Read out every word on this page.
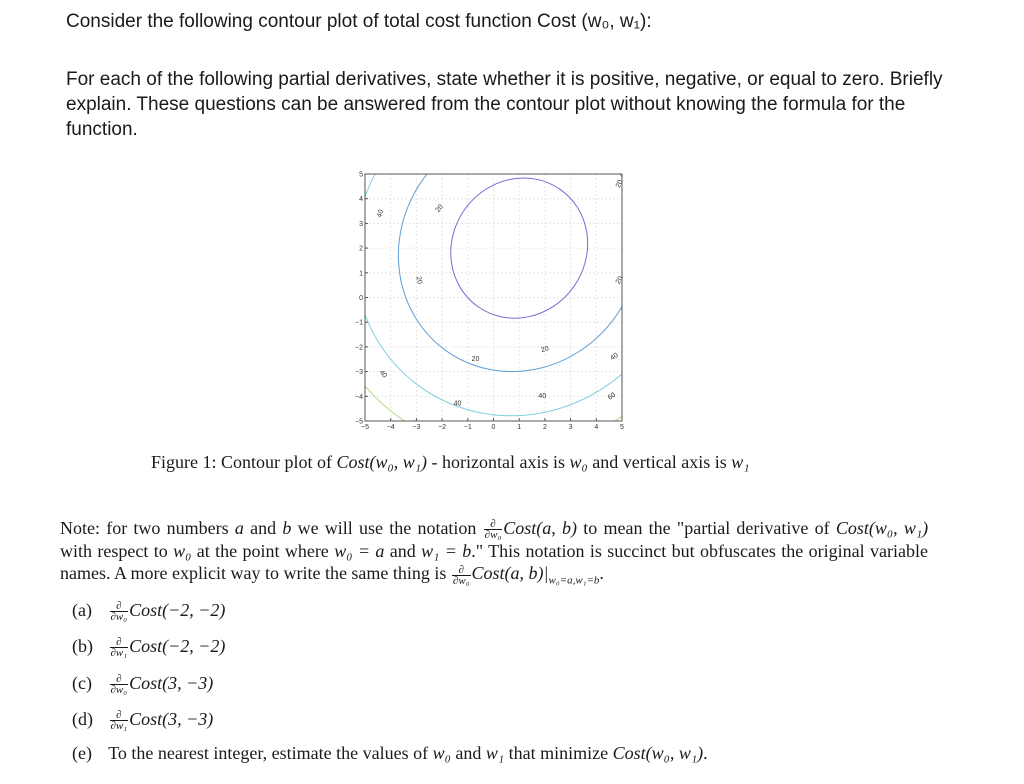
Consider the following contour plot of total cost function Cost (w₀, w₁):
For each of the following partial derivatives, state whether it is positive, negative, or equal to zero. Briefly explain. These questions can be answered from the contour plot without knowing the formula for the function.
20
20
20
20
20
20
40
40
40
40
40
60
−5	−4	−3	−2	−1	0	1	2	3	4	5
5
4
3
2
1
0
−1
−2
−3
−4
−5
Figure 1: Contour plot of Cost(w₀, w₁) - horizontal axis is w₀ and vertical axis is w₁
Note: for two numbers a and b we will use the notation $\frac{\partial}{\text{∂w₀}}$ Cost(a, b) to mean the "partial derivative of Cost(w₀, w₁) with respect to w₀ at the point where w₀ = a and w₁ = b." This notation is succinct but obfuscates the original variable names. A more explicit way to write the same thing is $\frac{\partial}{\text{∂w₀}}$ Cost(a, $b)|_{w_0=a,w_1=b}$.
$(a) \frac{\partial}{\text{∂w₀}}$ Cost(−2, −2)
$(b) \frac{\partial}{\text{∂w₁}}$ Cost(−2, −2)
$(c) \frac{\partial}{\text{∂w₀}}$ Cost(3, −3)
$(d) \frac{\partial}{\text{∂w₁}}$ Cost(3, −3)
(e) To the nearest integer, estimate the values of w₀ and w₁ that minimize Cost(w₀, w₁).
